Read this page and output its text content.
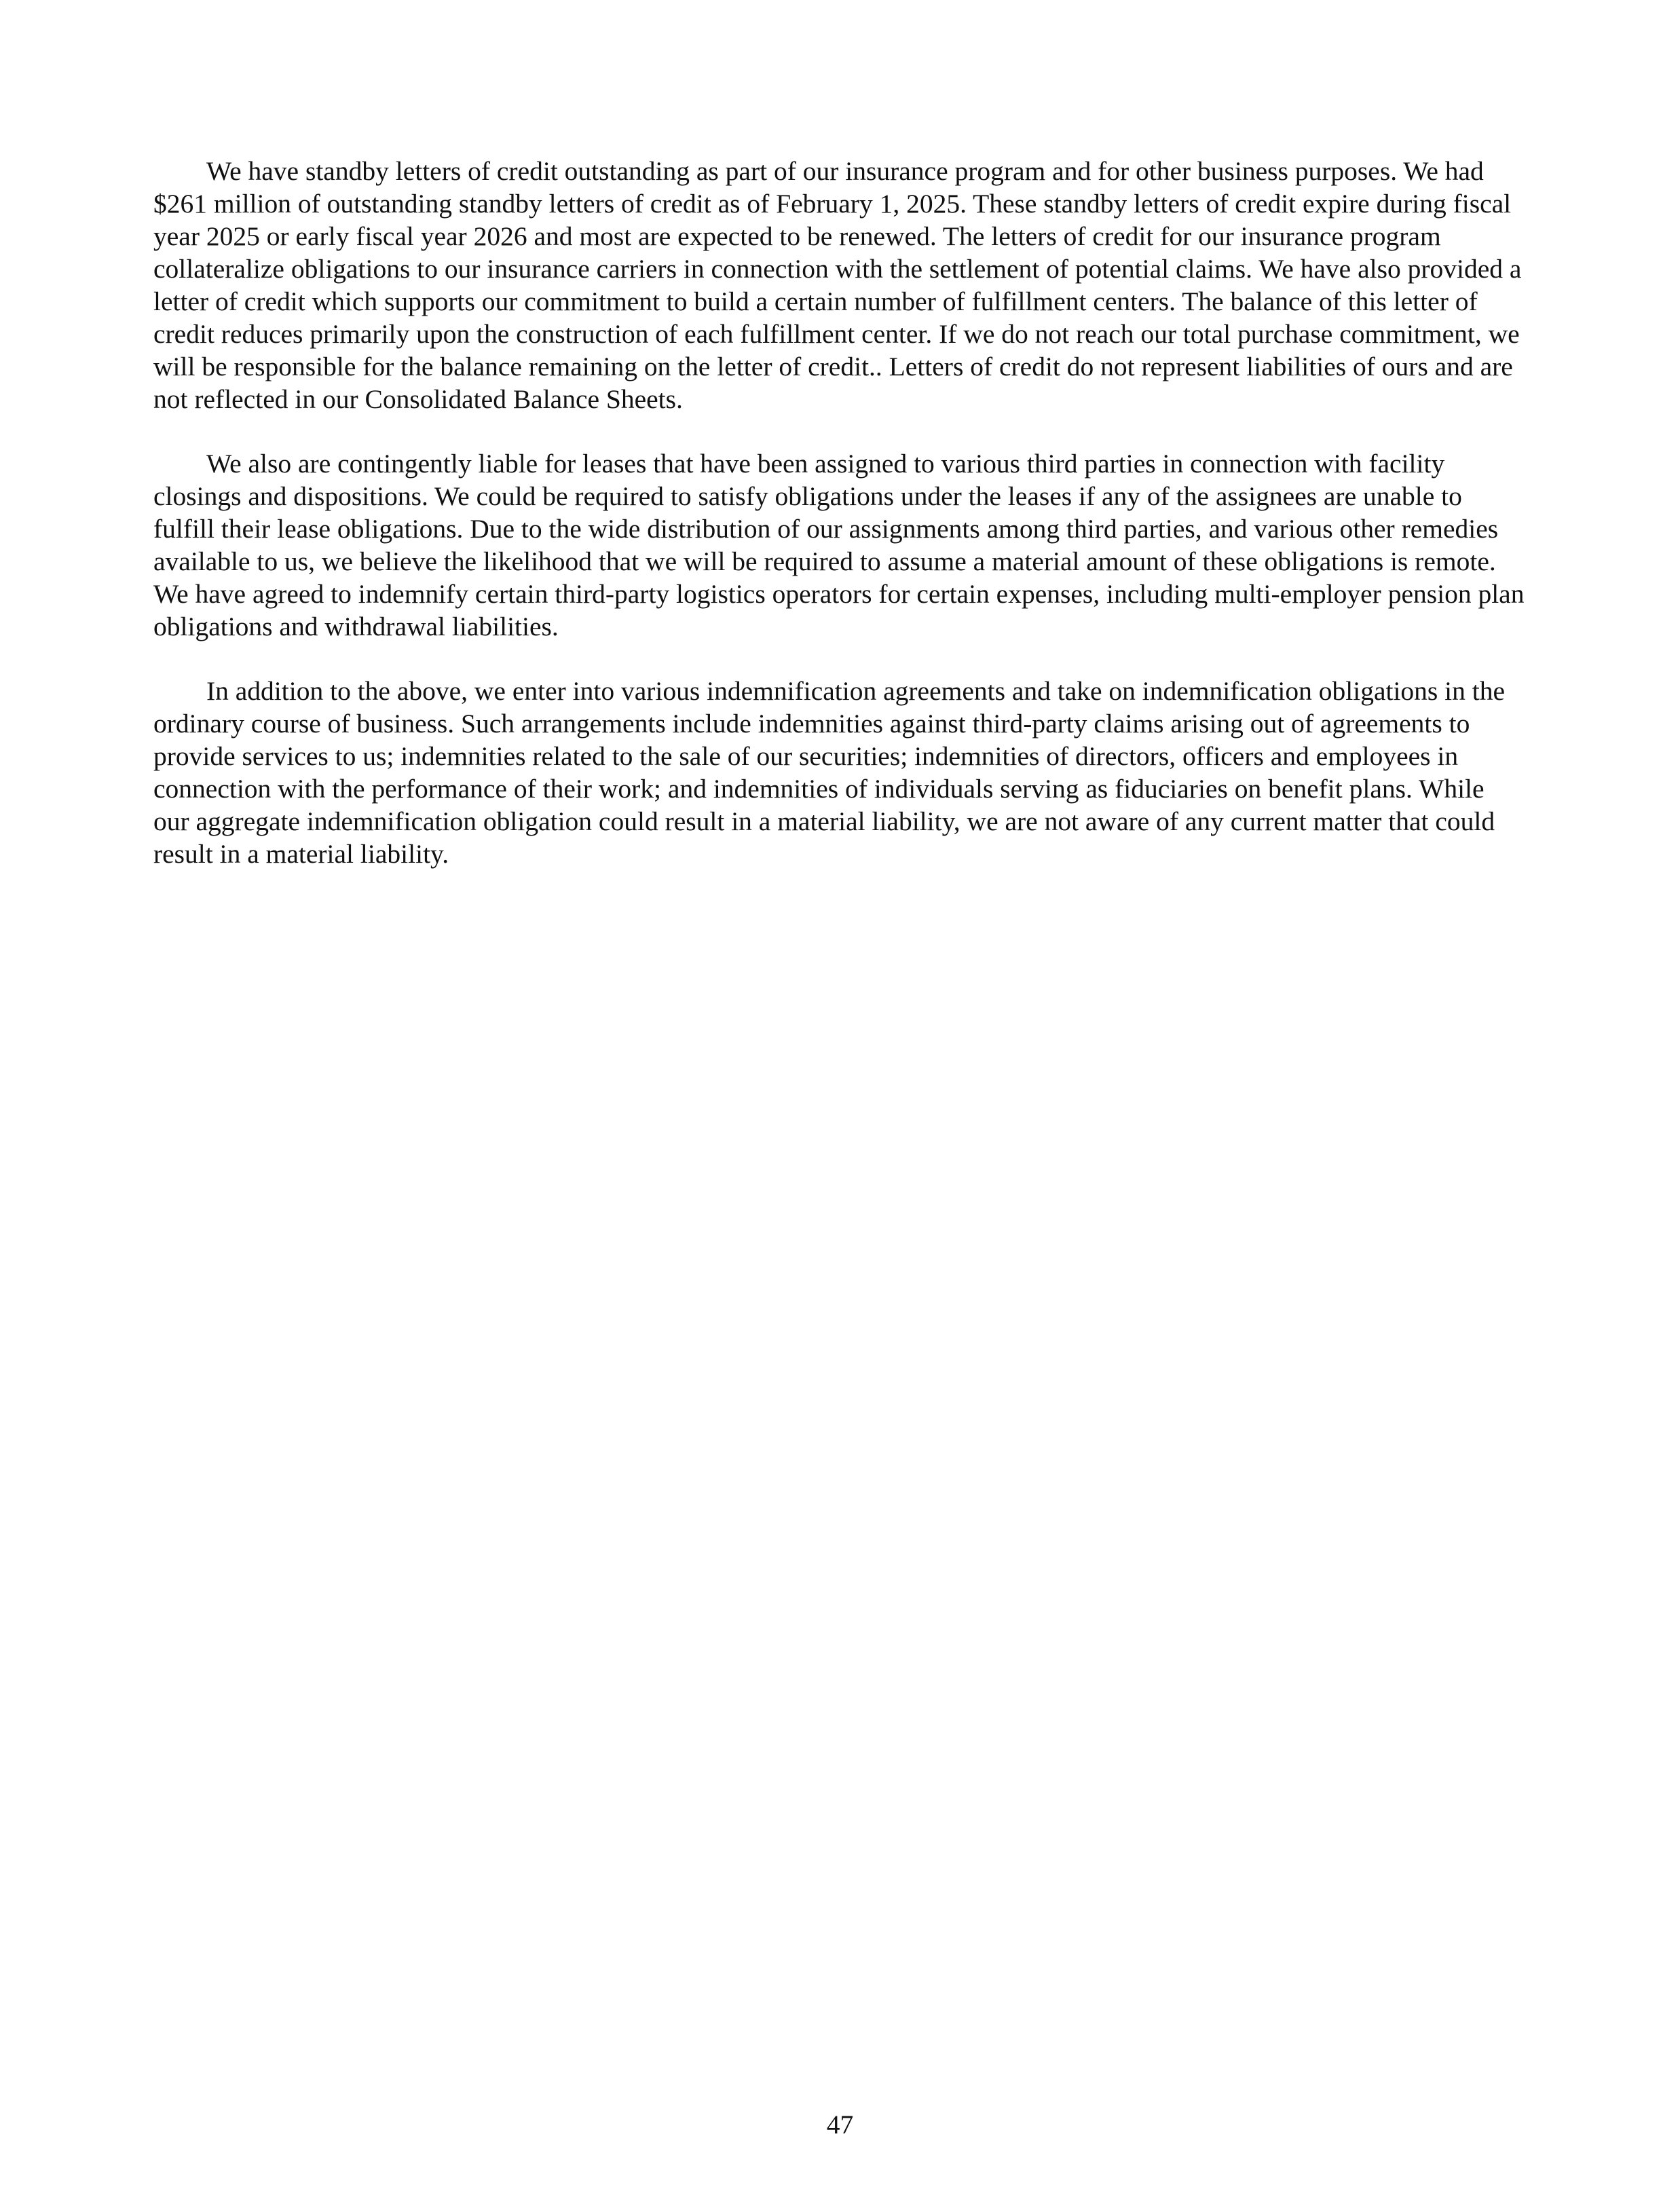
We have standby letters of credit outstanding as part of our insurance program and for other business purposes. We had $261 million of outstanding standby letters of credit as of February 1, 2025. These standby letters of credit expire during fiscal year 2025 or early fiscal year 2026 and most are expected to be renewed. The letters of credit for our insurance program collateralize obligations to our insurance carriers in connection with the settlement of potential claims. We have also provided a letter of credit which supports our commitment to build a certain number of fulfillment centers. The balance of this letter of credit reduces primarily upon the construction of each fulfillment center. If we do not reach our total purchase commitment, we will be responsible for the balance remaining on the letter of credit.. Letters of credit do not represent liabilities of ours and are not reflected in our Consolidated Balance Sheets.

We also are contingently liable for leases that have been assigned to various third parties in connection with facility closings and dispositions. We could be required to satisfy obligations under the leases if any of the assignees are unable to fulfill their lease obligations. Due to the wide distribution of our assignments among third parties, and various other remedies available to us, we believe the likelihood that we will be required to assume a material amount of these obligations is remote. We have agreed to indemnify certain third-party logistics operators for certain expenses, including multi-employer pension plan obligations and withdrawal liabilities.

In addition to the above, we enter into various indemnification agreements and take on indemnification obligations in the ordinary course of business. Such arrangements include indemnities against third-party claims arising out of agreements to provide services to us; indemnities related to the sale of our securities; indemnities of directors, officers and employees in connection with the performance of their work; and indemnities of individuals serving as fiduciaries on benefit plans. While our aggregate indemnification obligation could result in a material liability, we are not aware of any current matter that could result in a material liability.

47
